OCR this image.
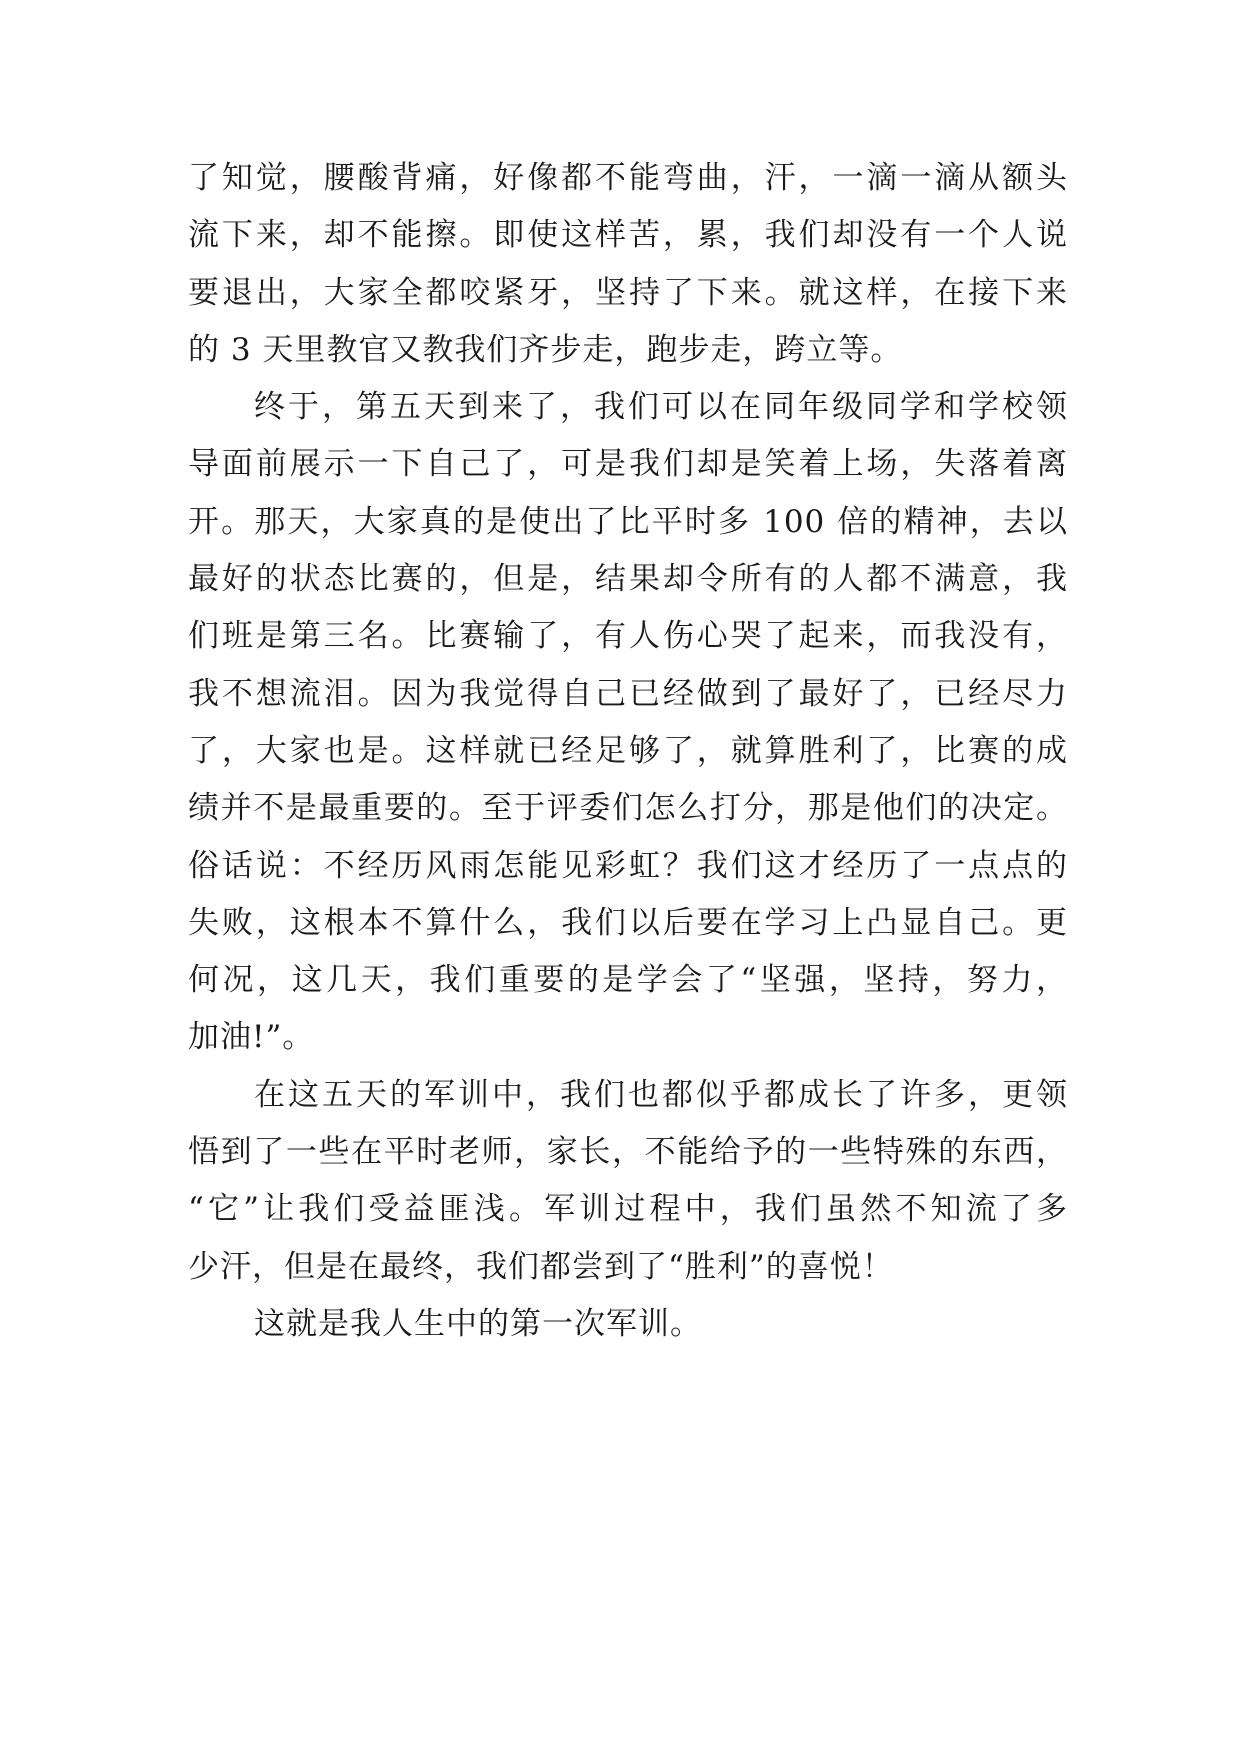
了知觉，腰酸背痛，好像都不能弯曲，汗，一滴一滴从额头
流下来，却不能擦。即使这样苦，累，我们却没有一个人说
要退出，大家全都咬紧牙，坚持了下来。就这样，在接下来
的 3 天里教官又教我们齐步走，跑步走，跨立等。
终于，第五天到来了，我们可以在同年级同学和学校领
导面前展示一下自己了，可是我们却是笑着上场，失落着离
开。那天，大家真的是使出了比平时多 100 倍的精神，去以
最好的状态比赛的，但是，结果却令所有的人都不满意，我
们班是第三名。比赛输了，有人伤心哭了起来，而我没有，
我不想流泪。因为我觉得自己已经做到了最好了，已经尽力
了，大家也是。这样就已经足够了，就算胜利了，比赛的成
绩并不是最重要的。至于评委们怎么打分，那是他们的决定。
俗话说：不经历风雨怎能见彩虹？我们这才经历了一点点的
失败，这根本不算什么，我们以后要在学习上凸显自己。更
何况，这几天，我们重要的是学会了“坚强，坚持，努力，
加油!”。
在这五天的军训中，我们也都似乎都成长了许多，更领
悟到了一些在平时老师，家长，不能给予的一些特殊的东西，
“它”让我们受益匪浅。军训过程中，我们虽然不知流了多
少汗，但是在最终，我们都尝到了“胜利”的喜悦！
这就是我人生中的第一次军训。
